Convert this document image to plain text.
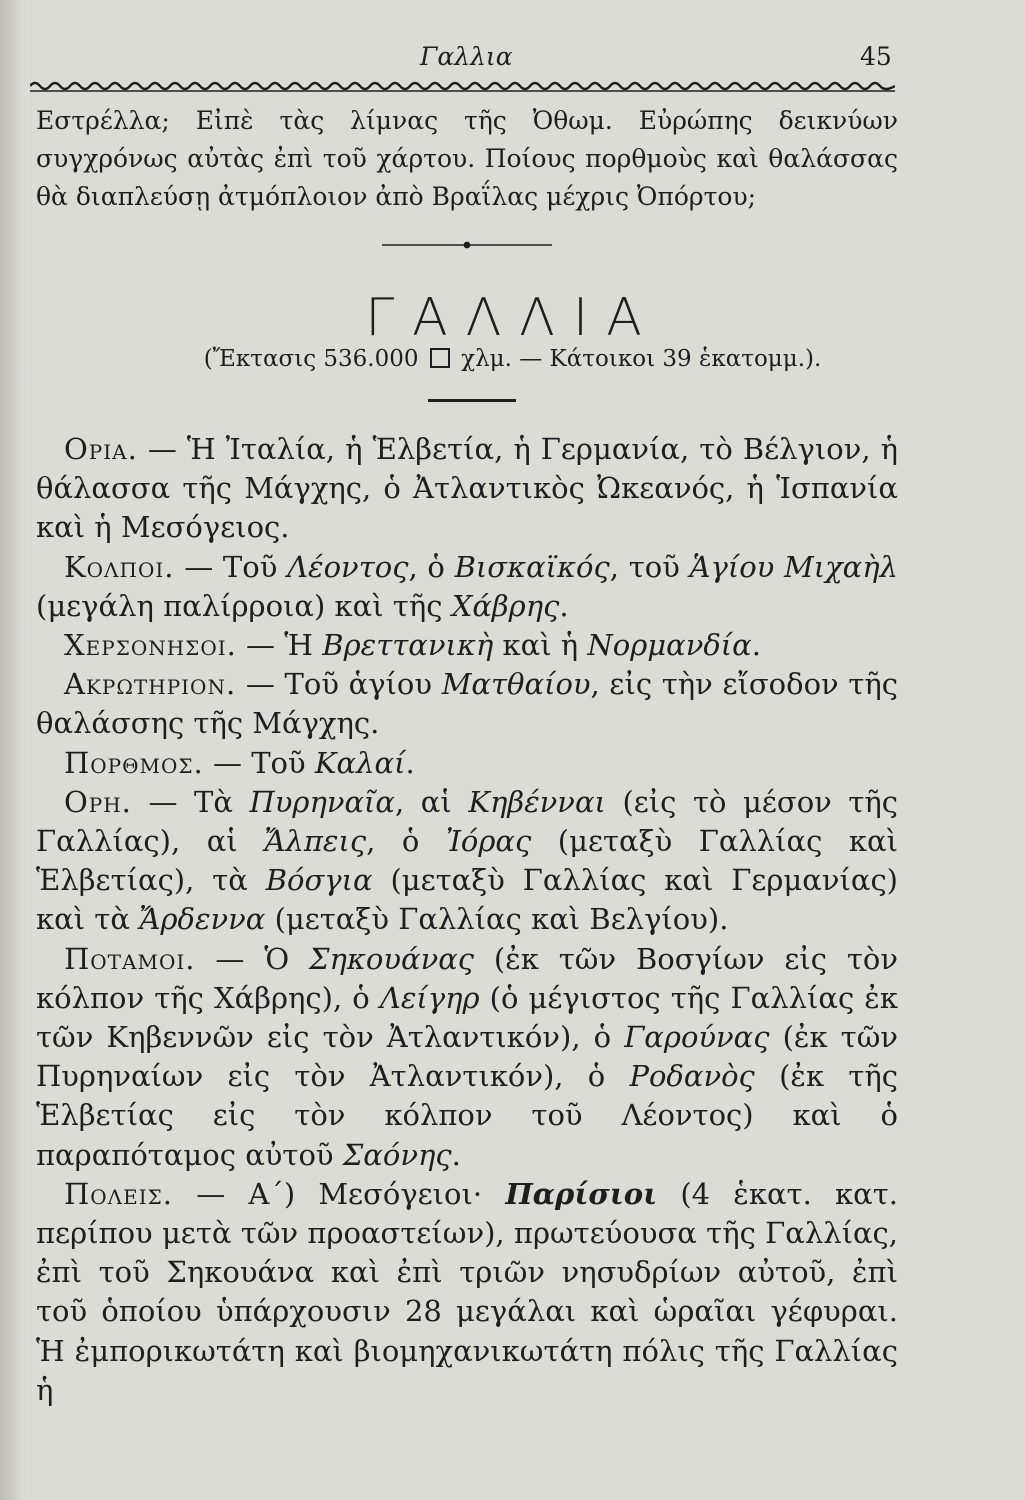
Γαλλια	45

Εστρέλλα; Εἰπὲ τὰς λίμνας τῆς Ὀθωμ. Εὐρώπης δεικνύων συγχρόνως αὐτὰς ἐπὶ τοῦ χάρτου. Ποίους πορθμοὺς καὶ θαλάσσας θὰ διαπλεύσῃ ἀτμόπλοιον ἀπὸ Βραΐλας μέχρις Ὀπόρτου;

ΓΑΛΛΙΑ
(Ἔκτασις 536.000 χλμ. — Κάτοικοι 39 ἑκατομμ.).

Ορια. — Ἡ Ἰταλία, ἡ Ἑλβετία, ἡ Γερμανία, τὸ Βέλγιον, ἡ θάλασσα τῆς Μάγχης, ὁ Ἀτλαντικὸς Ὠκεανός, ἡ Ἱσπανία καὶ ἡ Μεσόγειος.

Κολποι. — Τοῦ Λέοντος, ὁ Βισκαϊκός, τοῦ Ἁγίου Μιχαὴλ (μεγάλη παλίρροια) καὶ τῆς Χάβρης.

Χερσονησοι. — Ἡ Βρεττανικὴ καὶ ἡ Νορμανδία.

Ακρωτηριον. — Τοῦ ἁγίου Ματθαίου, εἰς τὴν εἴσοδον τῆς θαλάσσης τῆς Μάγχης.

Πορθμος. — Τοῦ Καλαί.

Ορη. — Τὰ Πυρηναῖα, αἱ Κηβένναι (εἰς τὸ μέσον τῆς Γαλλίας), αἱ Ἄλπεις, ὁ Ἰόρας (μεταξὺ Γαλλίας καὶ Ἑλβετίας), τὰ Βόσγια (μεταξὺ Γαλλίας καὶ Γερμανίας) καὶ τὰ Ἄρδεννα (μεταξὺ Γαλλίας καὶ Βελγίου).

Ποταμοι. — Ὁ Σηκουάνας (ἐκ τῶν Βοσγίων εἰς τὸν κόλπον τῆς Χάβρης), ὁ Λείγηρ (ὁ μέγιστος τῆς Γαλλίας ἐκ τῶν Κηβεννῶν εἰς τὸν Ἀτλαντικόν), ὁ Γαρούνας (ἐκ τῶν Πυρηναίων εἰς τὸν Ἀτλαντικόν), ὁ Ροδανὸς (ἐκ τῆς Ἑλβετίας εἰς τὸν κόλπον τοῦ Λέοντος) καὶ ὁ παραπόταμος αὐτοῦ Σαόνης.

Πολεις. — Α΄) Μεσόγειοι· Παρίσιοι (4 ἑκατ. κατ. περίπου μετὰ τῶν προαστείων), πρωτεύουσα τῆς Γαλλίας, ἐπὶ τοῦ Σηκουάνα καὶ ἐπὶ τριῶν νησυδρίων αὐτοῦ, ἐπὶ τοῦ ὁποίου ὑπάρχουσιν 28 μεγάλαι καὶ ὡραῖαι γέφυραι. Ἡ ἐμπορικωτάτη καὶ βιομηχανικωτάτη πόλις τῆς Γαλλίας ἡ
